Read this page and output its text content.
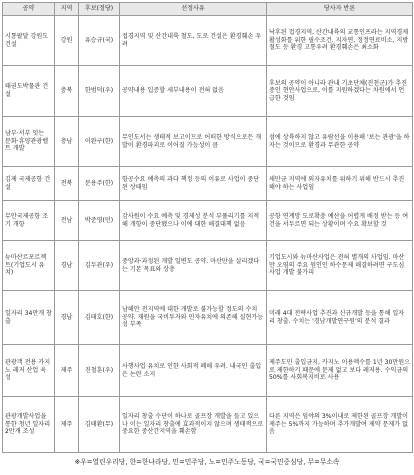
공약	지역	후보(정당)	선정사유	당사자 반론
시툥팔달 강원도 건설	강원	유승규(국)	접경지역 및 산간내륙 철도, 도로 건설은 환경훼손 우려	낙후된 접경지역, 산간내륙의 교통인프라는 지역경제 활성화를 위한 필수조건. 지자연, 정정연료비소, 지방철도 등 환경 고통우려 환경훼손은 최소화
태권도박물관 건설	충북	한범덕(우)	공약내용 입증할 세부내용이 전혀 없음	후보의 공약이 아니라 관내 기초단체(진천군)가 추진중인 현안사업으로, 이를 지원하겠다는 차원에서 언급한 것임
남부·서부 잇는 문화·휴양관광벨트 개발	충남	이완구(한)	무인도서는 생태적 보고이므로 어떠한 방식으로든 개발이 환경파괴로 이어질 가능성이 큼	섬에 상륙하지 않고 유람선을 이용해 '보는 관광'을 하자는 것이므로 환경과 무관한 공약
김제 국제공항 건설	전북	문용주(한)	항공수요 예측의 과다 책정 등의 이유로 사업이 중단된 상태임	새만금 지역에 외자유치를 위하기 위해 반드시 추진해야 하는 사업임
무안국제공항 조기 개항	전남	박준영(민)	감사원이 수요 예측 및 경제성 분석 부풀리기를 지적해 개항이 중단됐으나 이에 대한 해결대책 없음	공항 연계망 도로확충 예산을 어렵게 배정 받는 등 여건을 서두르면 되는 상황이며 수요 확보할 것
뉴마산르포르젝트(기업도시 유치)	경남	김두관(우)	중앙과·과정된 개발 일변도 공약. 마산만을 살리겠다는 기본 목표와 상충	기업도시와 뉴마산사업은 전혀 별개의 사업임. 마산만 오염의 주요 원인인 하수문제 해결하려면 구도심 사업 개발 불가피
일자리 34만개 창출	경남	김태호(한)	남해안 전지역에 대한 개발로 불가능할 정도의 수치 공약. 재원을 국비투자와 민자유치에 의존해 실현가능성 부족	미래 4대 전략사업 추진과 신규개발 등을 통해 일자리 창출. 수치는 '경남개발연구원'의 분석 결과
관광객 전용 카지노 레저 산업 육성	제주	진철훈(우)	사행사업 유치로 인한 사회적 폐해 우려. 내국인 출입은 논란 소지	제주도민 출입금지, 카지노 이용액수를 1년 30만원으로 제한하기 때문에 문제 없고 보다 레저용. 수익금의 50%를 사회복지비로 사용
관광개발사업을 통한 청년 일자리 2만개 조성	제주	김태환(무)	일자리 창출 수단이 하나로 골프장 개발을 들고 있으나 이는 일자리 창출에 효과적이지 않으며 생태적으로 중요한 중산간지역을 훼손함	다른 지역은 임야의 3%이내로 제한된 골프장 개발이 제주는 5%까지 가능하며 추가개발여 제약 문제가 없음
※우=열린우리당, 한=한나라당, 민=민주당, 노=민주노동당, 국=국민중심당, 무=무소속
